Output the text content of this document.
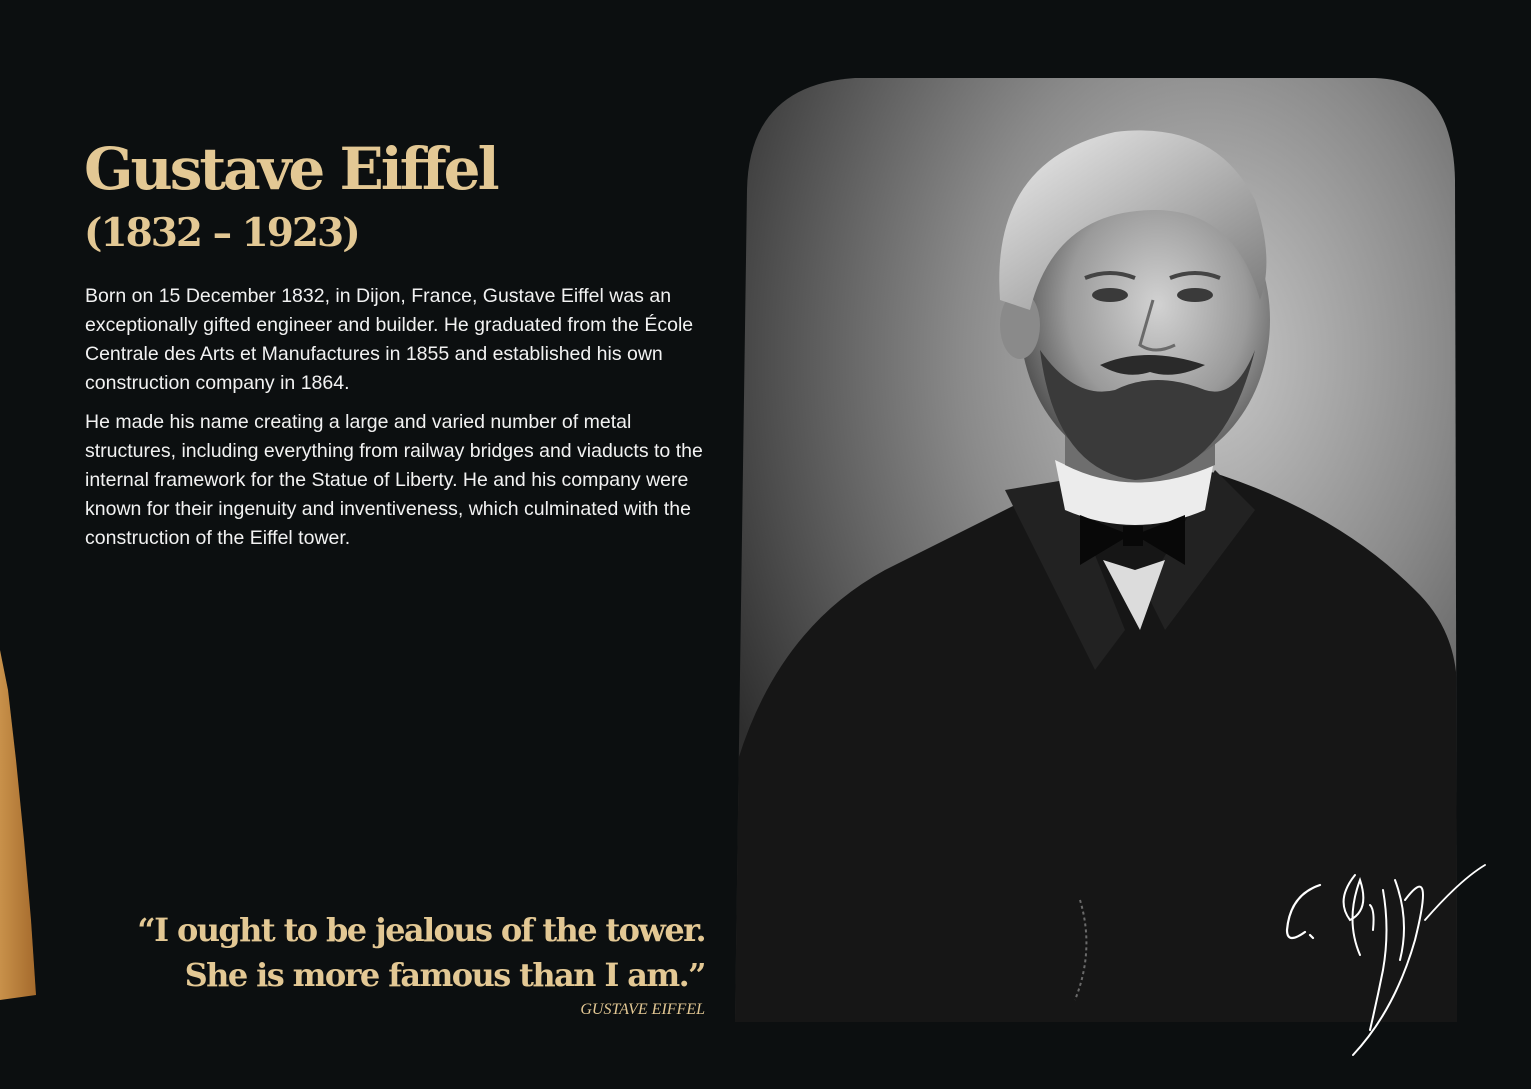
Gustave Eiffel
(1832 – 1923)

Born on 15 December 1832, in Dijon, France, Gustave Eiffel was an exceptionally gifted engineer and builder. He graduated from the École Centrale des Arts et Manufactures in 1855 and established his own construction company in 1864.

He made his name creating a large and varied number of metal structures, including everything from railway bridges and viaducts to the internal framework for the Statue of Liberty. He and his company were known for their ingenuity and inventiveness, which culminated with the construction of the Eiffel tower.

“I ought to be jealous of the tower.
She is more famous than I am.”
GUSTAVE EIFFEL
